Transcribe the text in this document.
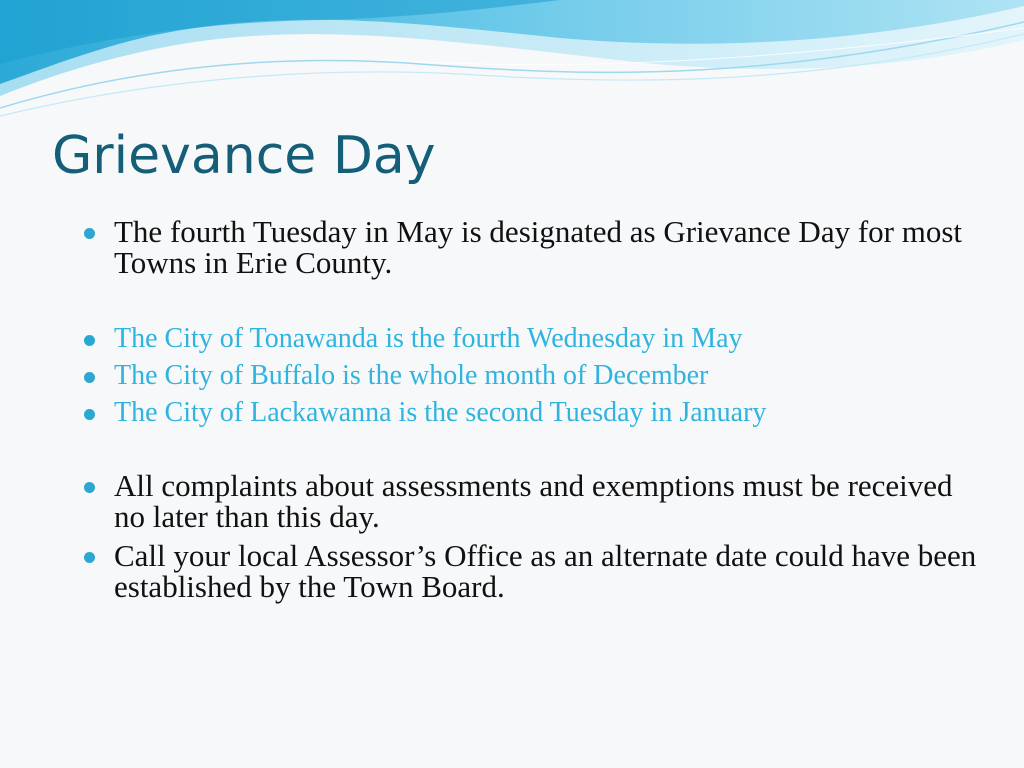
Grievance Day
The fourth Tuesday in May is designated as Grievance Day for most Towns in Erie County.
The City of Tonawanda is the fourth Wednesday in May
The City of Buffalo is the whole month of December
The City of Lackawanna is the second Tuesday in January
All complaints about assessments and exemptions must be received no later than this day.
Call your local Assessor’s Office as an alternate date could have been established by the Town Board.
